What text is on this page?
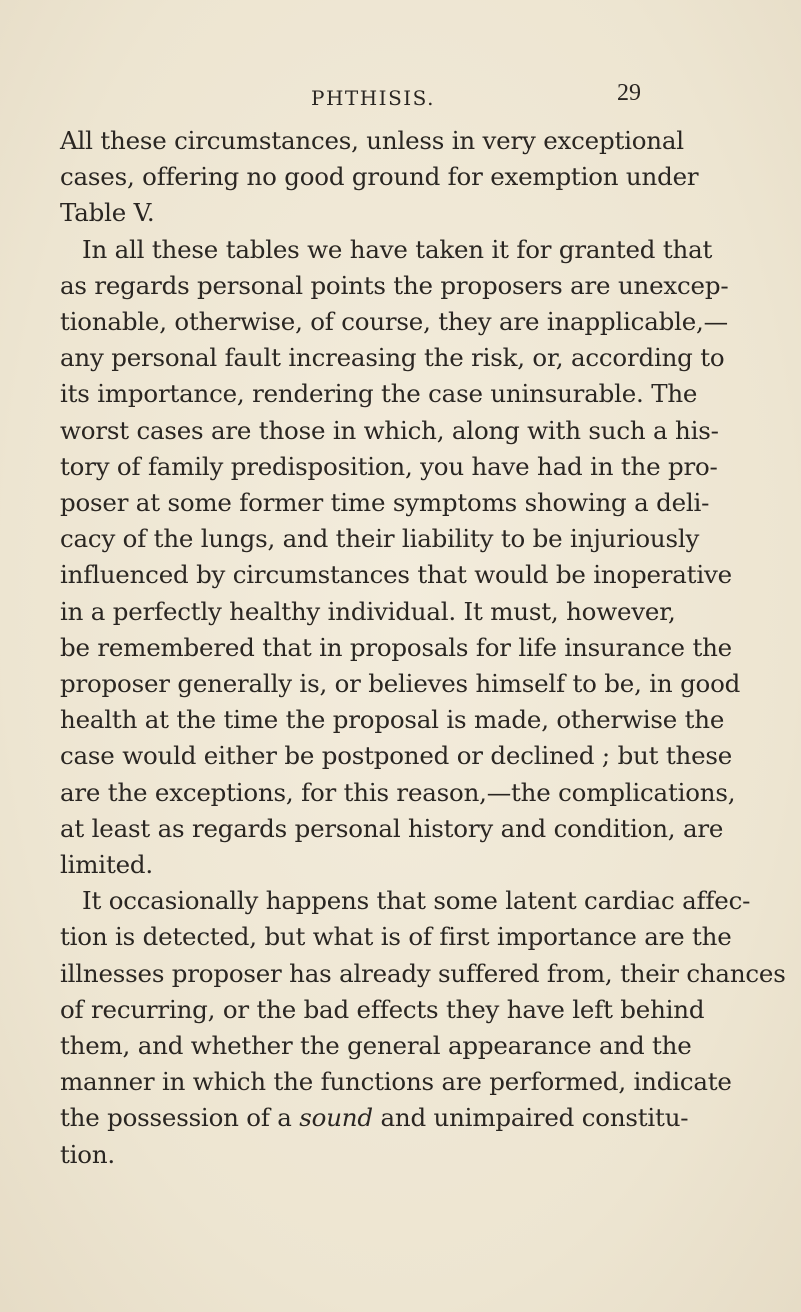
PHTHISIS.	29

All these circumstances, unless in very exceptional
cases, offering no good ground for exemption under
Table V.

In all these tables we have taken it for granted that
as regards personal points the proposers are unexcep-
tionable, otherwise, of course, they are inapplicable,—
any personal fault increasing the risk, or, according to
its importance, rendering the case uninsurable. The
worst cases are those in which, along with such a his-
tory of family predisposition, you have had in the pro-
poser at some former time symptoms showing a deli-
cacy of the lungs, and their liability to be injuriously
influenced by circumstances that would be inoperative
in a perfectly healthy individual. It must, however,
be remembered that in proposals for life insurance the
proposer generally is, or believes himself to be, in good
health at the time the proposal is made, otherwise the
case would either be postponed or declined ; but these
are the exceptions, for this reason,—the complications,
at least as regards personal history and condition, are
limited.

It occasionally happens that some latent cardiac affec-
tion is detected, but what is of first importance are the
illnesses proposer has already suffered from, their chances
of recurring, or the bad effects they have left behind
them, and whether the general appearance and the
manner in which the functions are performed, indicate
the possession of a sound and unimpaired constitu-
tion.
